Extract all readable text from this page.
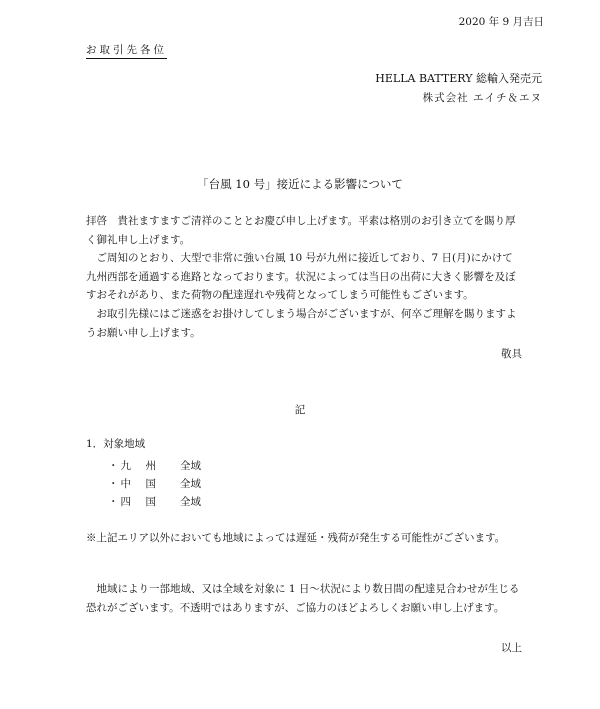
2020 年 9 月吉日
お取引先各位
HELLA BATTERY 総輸入発売元
株式会社 エイチ＆エヌ
「台風 10 号」接近による影響について

拝啓　貴社ますますご清祥のこととお慶び申し上げます。平素は格別のお引き立てを賜り厚く御礼申し上げます。

ご周知のとおり、大型で非常に強い台風 10 号が九州に接近しており、7 日(月)にかけて九州西部を通過する進路となっております。状況によっては当日の出荷に大きく影響を及ぼすおそれがあり、また荷物の配達遅れや残荷となってしまう可能性もございます。

お取引先様にはご迷惑をお掛けしてしまう場合がございますが、何卒ご理解を賜りますようお願い申し上げます。

敬具
記
1．対象地域
・九　州 全域
・中　国 全域
・四　国 全域
※上記エリア以外においても地域によっては遅延・残荷が発生する可能性がございます。
地域により一部地域、又は全域を対象に 1 日～状況により数日間の配達見合わせが生じる恐れがございます。不透明ではありますが、ご協力のほどよろしくお願い申し上げます。
以上
